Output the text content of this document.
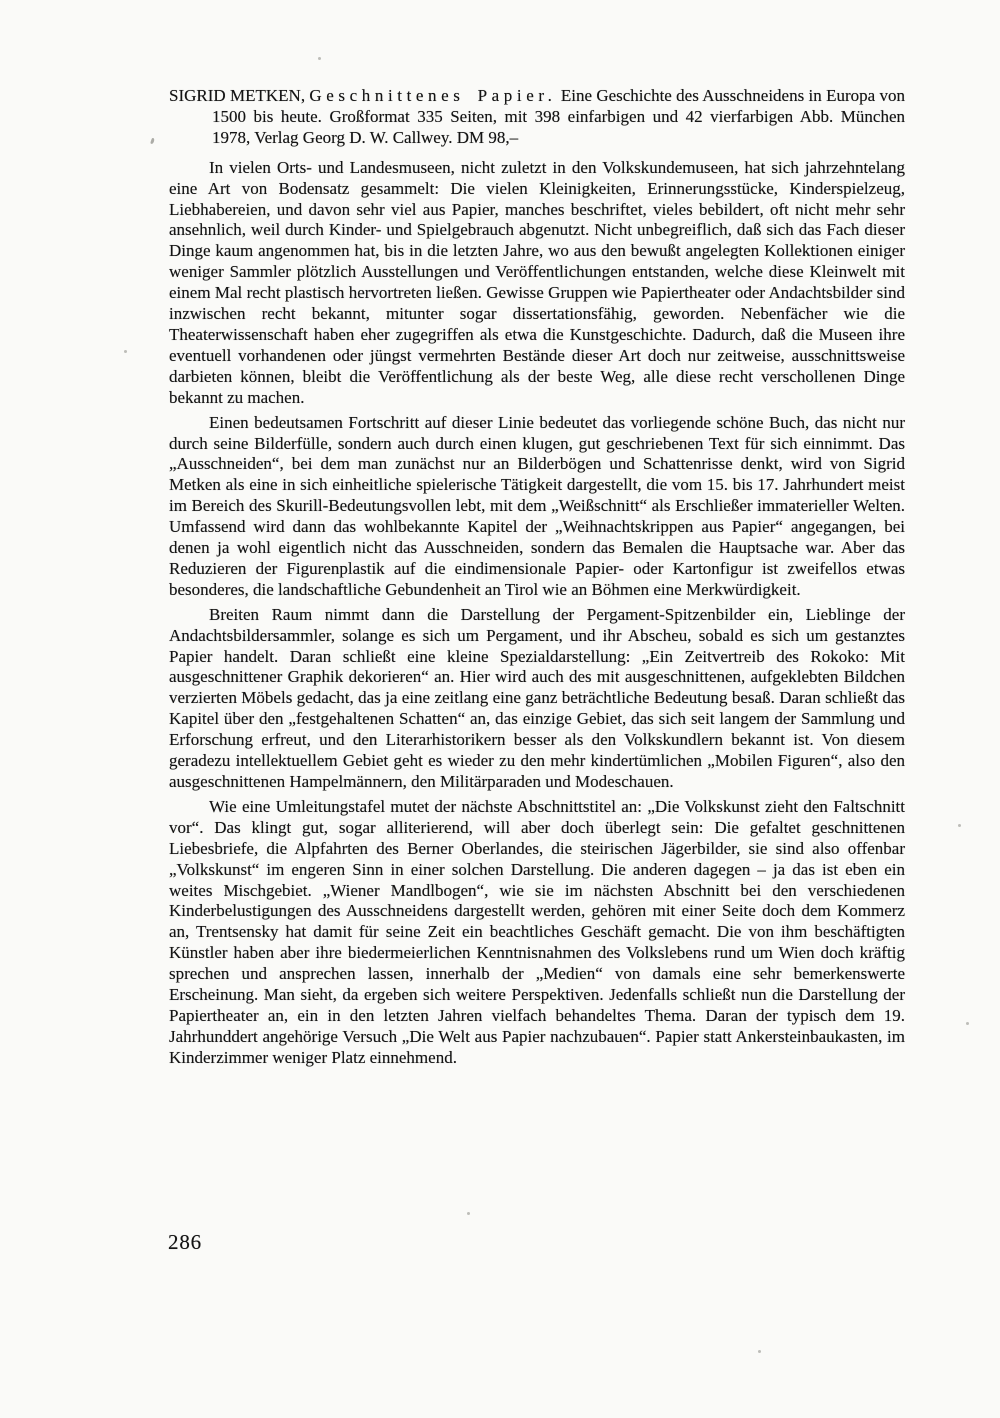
SIGRID METKEN, Geschnittenes Papier. Eine Geschichte des Ausschneidens in Europa von 1500 bis heute. Großformat 335 Seiten, mit 398 einfarbigen und 42 vierfarbigen Abb. München 1978, Verlag Georg D. W. Callwey. DM 98,–

In vielen Orts- und Landesmuseen, nicht zuletzt in den Volkskundemuseen, hat sich jahrzehntelang eine Art von Bodensatz gesammelt: Die vielen Kleinigkeiten, Erinnerungsstücke, Kinderspielzeug, Liebhabereien, und davon sehr viel aus Papier, manches beschriftet, vieles bebildert, oft nicht mehr sehr ansehnlich, weil durch Kinder- und Spielgebrauch abgenutzt. Nicht unbegreiflich, daß sich das Fach dieser Dinge kaum angenommen hat, bis in die letzten Jahre, wo aus den bewußt angelegten Kollektionen einiger weniger Sammler plötzlich Ausstellungen und Veröffentlichungen entstanden, welche diese Kleinwelt mit einem Mal recht plastisch hervortreten ließen. Gewisse Gruppen wie Papiertheater oder Andachtsbilder sind inzwischen recht bekannt, mitunter sogar dissertationsfähig, geworden. Nebenfächer wie die Theaterwissenschaft haben eher zugegriffen als etwa die Kunstgeschichte. Dadurch, daß die Museen ihre eventuell vorhandenen oder jüngst vermehrten Bestände dieser Art doch nur zeitweise, ausschnittsweise darbieten können, bleibt die Veröffentlichung als der beste Weg, alle diese recht verschollenen Dinge bekannt zu machen.

Einen bedeutsamen Fortschritt auf dieser Linie bedeutet das vorliegende schöne Buch, das nicht nur durch seine Bilderfülle, sondern auch durch einen klugen, gut geschriebenen Text für sich einnimmt. Das „Ausschneiden“, bei dem man zunächst nur an Bilderbögen und Schattenrisse denkt, wird von Sigrid Metken als eine in sich einheitliche spielerische Tätigkeit dargestellt, die vom 15. bis 17. Jahrhundert meist im Bereich des Skurill-Bedeutungsvollen lebt, mit dem „Weißschnitt“ als Erschließer immaterieller Welten. Umfassend wird dann das wohlbekannte Kapitel der „Weihnachtskrippen aus Papier“ angegangen, bei denen ja wohl eigentlich nicht das Ausschneiden, sondern das Bemalen die Hauptsache war. Aber das Reduzieren der Figurenplastik auf die eindimensionale Papier- oder Kartonfigur ist zweifellos etwas besonderes, die landschaftliche Gebundenheit an Tirol wie an Böhmen eine Merkwürdigkeit.

Breiten Raum nimmt dann die Darstellung der Pergament-Spitzenbilder ein, Lieblinge der Andachtsbildersammler, solange es sich um Pergament, und ihr Abscheu, sobald es sich um gestanztes Papier handelt. Daran schließt eine kleine Spezialdarstellung: „Ein Zeitvertreib des Rokoko: Mit ausgeschnittener Graphik dekorieren“ an. Hier wird auch des mit ausgeschnittenen, aufgeklebten Bildchen verzierten Möbels gedacht, das ja eine zeitlang eine ganz beträchtliche Bedeutung besaß. Daran schließt das Kapitel über den „festgehaltenen Schatten“ an, das einzige Gebiet, das sich seit langem der Sammlung und Erforschung erfreut, und den Literarhistorikern besser als den Volkskundlern bekannt ist. Von diesem geradezu intellektuellem Gebiet geht es wieder zu den mehr kindertümlichen „Mobilen Figuren“, also den ausgeschnittenen Hampelmännern, den Militärparaden und Modeschauen.

Wie eine Umleitungstafel mutet der nächste Abschnittstitel an: „Die Volkskunst zieht den Faltschnitt vor“. Das klingt gut, sogar alliterierend, will aber doch überlegt sein: Die gefaltet geschnittenen Liebesbriefe, die Alpfahrten des Berner Oberlandes, die steirischen Jägerbilder, sie sind also offenbar „Volkskunst“ im engeren Sinn in einer solchen Darstellung. Die anderen dagegen – ja das ist eben ein weites Mischgebiet. „Wiener Mandlbogen“, wie sie im nächsten Abschnitt bei den verschiedenen Kinderbelustigungen des Ausschneidens dargestellt werden, gehören mit einer Seite doch dem Kommerz an, Trentsensky hat damit für seine Zeit ein beachtliches Geschäft gemacht. Die von ihm beschäftigten Künstler haben aber ihre biedermeierlichen Kenntnisnahmen des Volkslebens rund um Wien doch kräftig sprechen und ansprechen lassen, innerhalb der „Medien“ von damals eine sehr bemerkenswerte Erscheinung. Man sieht, da ergeben sich weitere Perspektiven. Jedenfalls schließt nun die Darstellung der Papiertheater an, ein in den letzten Jahren vielfach behandeltes Thema. Daran der typisch dem 19. Jahrhunddert angehörige Versuch „Die Welt aus Papier nachzubauen“. Papier statt Ankersteinbaukasten, im Kinderzimmer weniger Platz einnehmend.

286
